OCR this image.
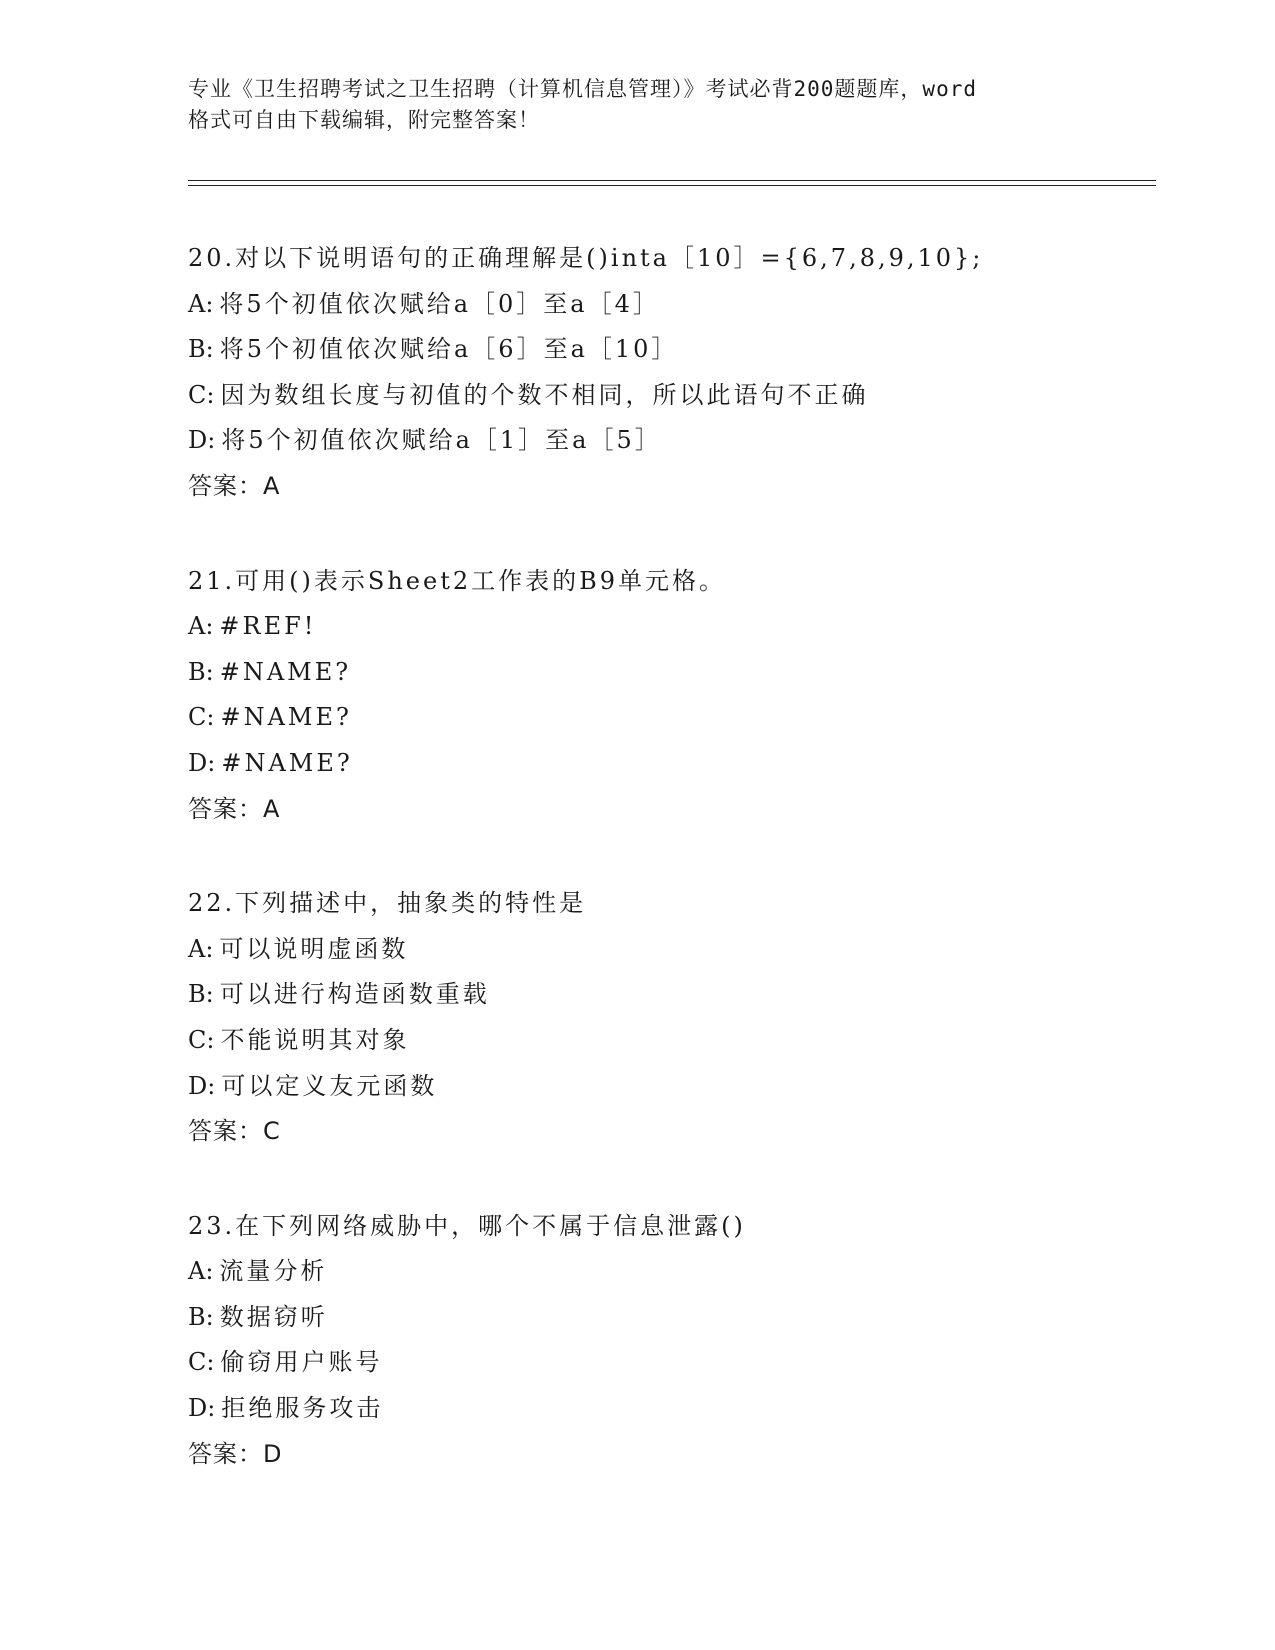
专业《卫生招聘考试之卫生招聘（计算机信息管理）》考试必背200题题库，word
格式可自由下载编辑，附完整答案！
20.对以下说明语句的正确理解是()inta［10］={6,7,8,9,10};
A: 将5个初值依次赋给a［0］至a［4］
B: 将5个初值依次赋给a［6］至a［10］
C: 因为数组长度与初值的个数不相同，所以此语句不正确
D: 将5个初值依次赋给a［1］至a［5］
答案：A
21.可用()表示Sheet2工作表的B9单元格。
A: #REF!
B: #NAME?
C: #NAME?
D: #NAME?
答案：A
22.下列描述中，抽象类的特性是
A: 可以说明虚函数
B: 可以进行构造函数重载
C: 不能说明其对象
D: 可以定义友元函数
答案：C
23.在下列网络威胁中，哪个不属于信息泄露()
A: 流量分析
B: 数据窃听
C: 偷窃用户账号
D: 拒绝服务攻击
答案：D
